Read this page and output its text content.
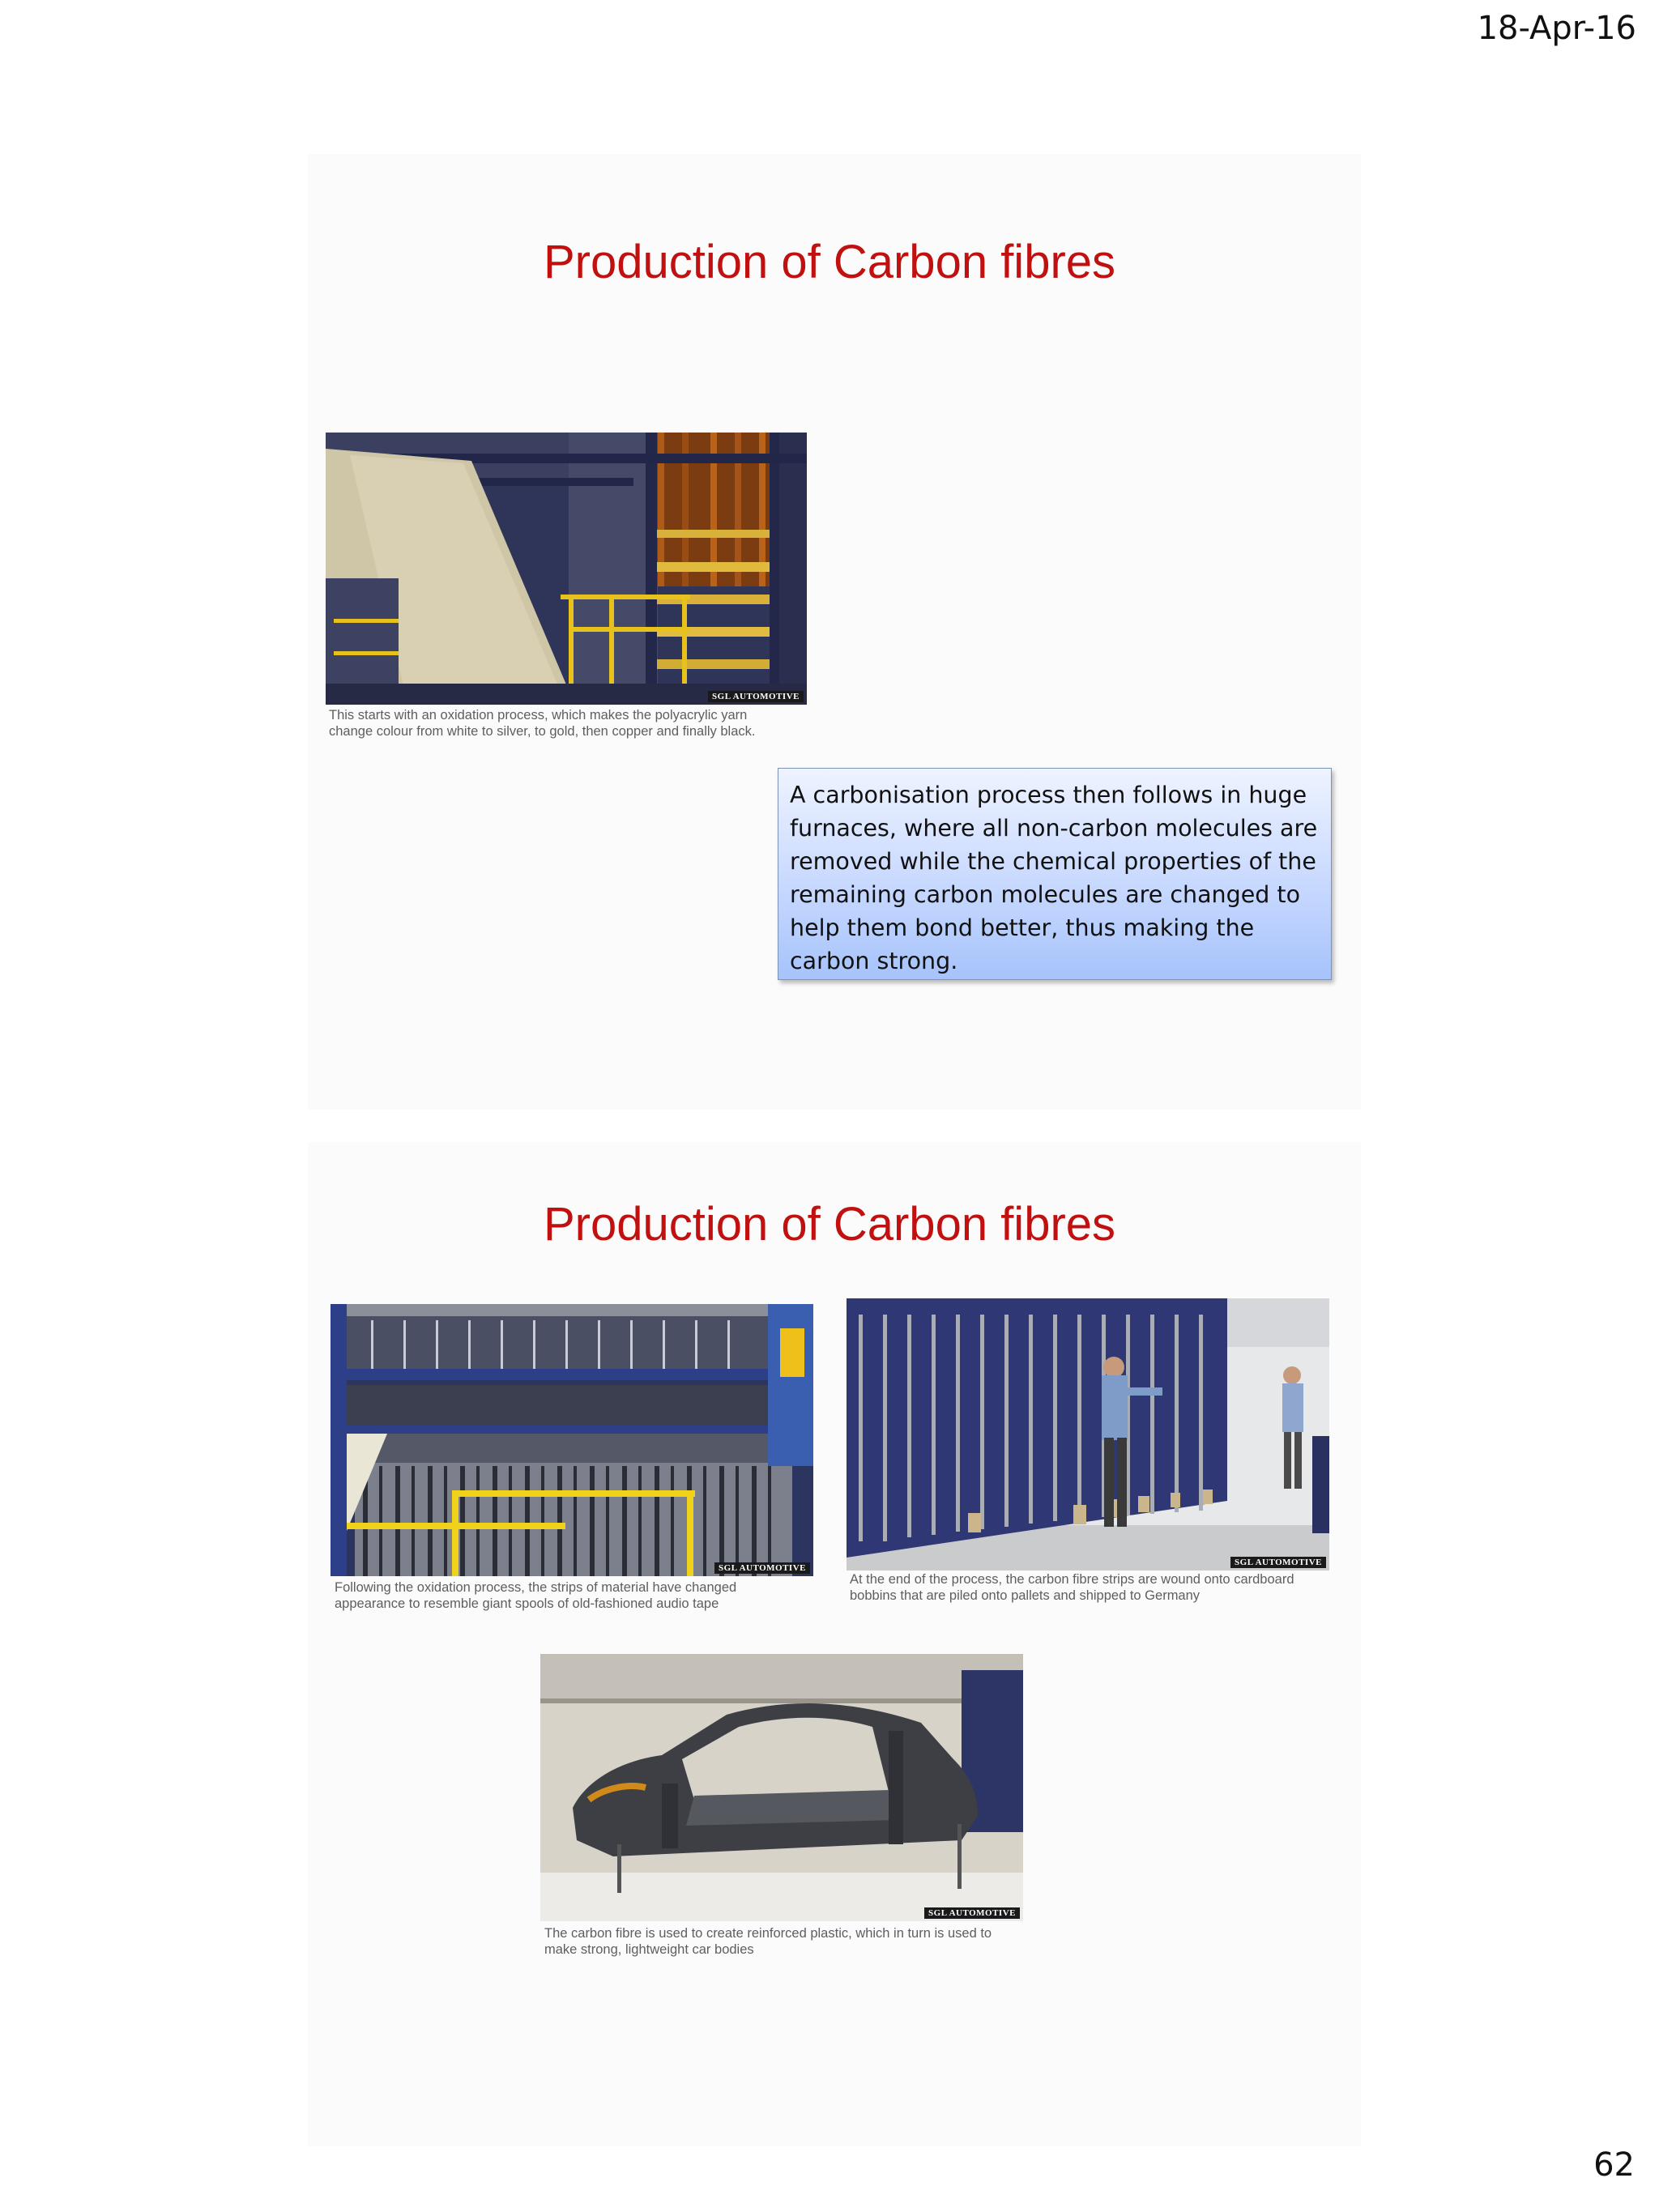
18-Apr-16
Production of Carbon fibres
SGL AUTOMOTIVE
This starts with an oxidation process, which makes the polyacrylic yarn
change colour from white to silver, to gold, then copper and finally black.
A carbonisation process then follows in huge furnaces, where all non-carbon molecules are removed while the chemical properties of the remaining carbon molecules are changed to help them bond better, thus making the carbon strong.
Production of Carbon fibres
SGL AUTOMOTIVE
Following the oxidation process, the strips of material have changed
appearance to resemble giant spools of old-fashioned audio tape
SGL AUTOMOTIVE
At the end of the process, the carbon fibre strips are wound onto cardboard
bobbins that are piled onto pallets and shipped to Germany
SGL AUTOMOTIVE
The carbon fibre is used to create reinforced plastic, which in turn is used to
make strong, lightweight car bodies
62
